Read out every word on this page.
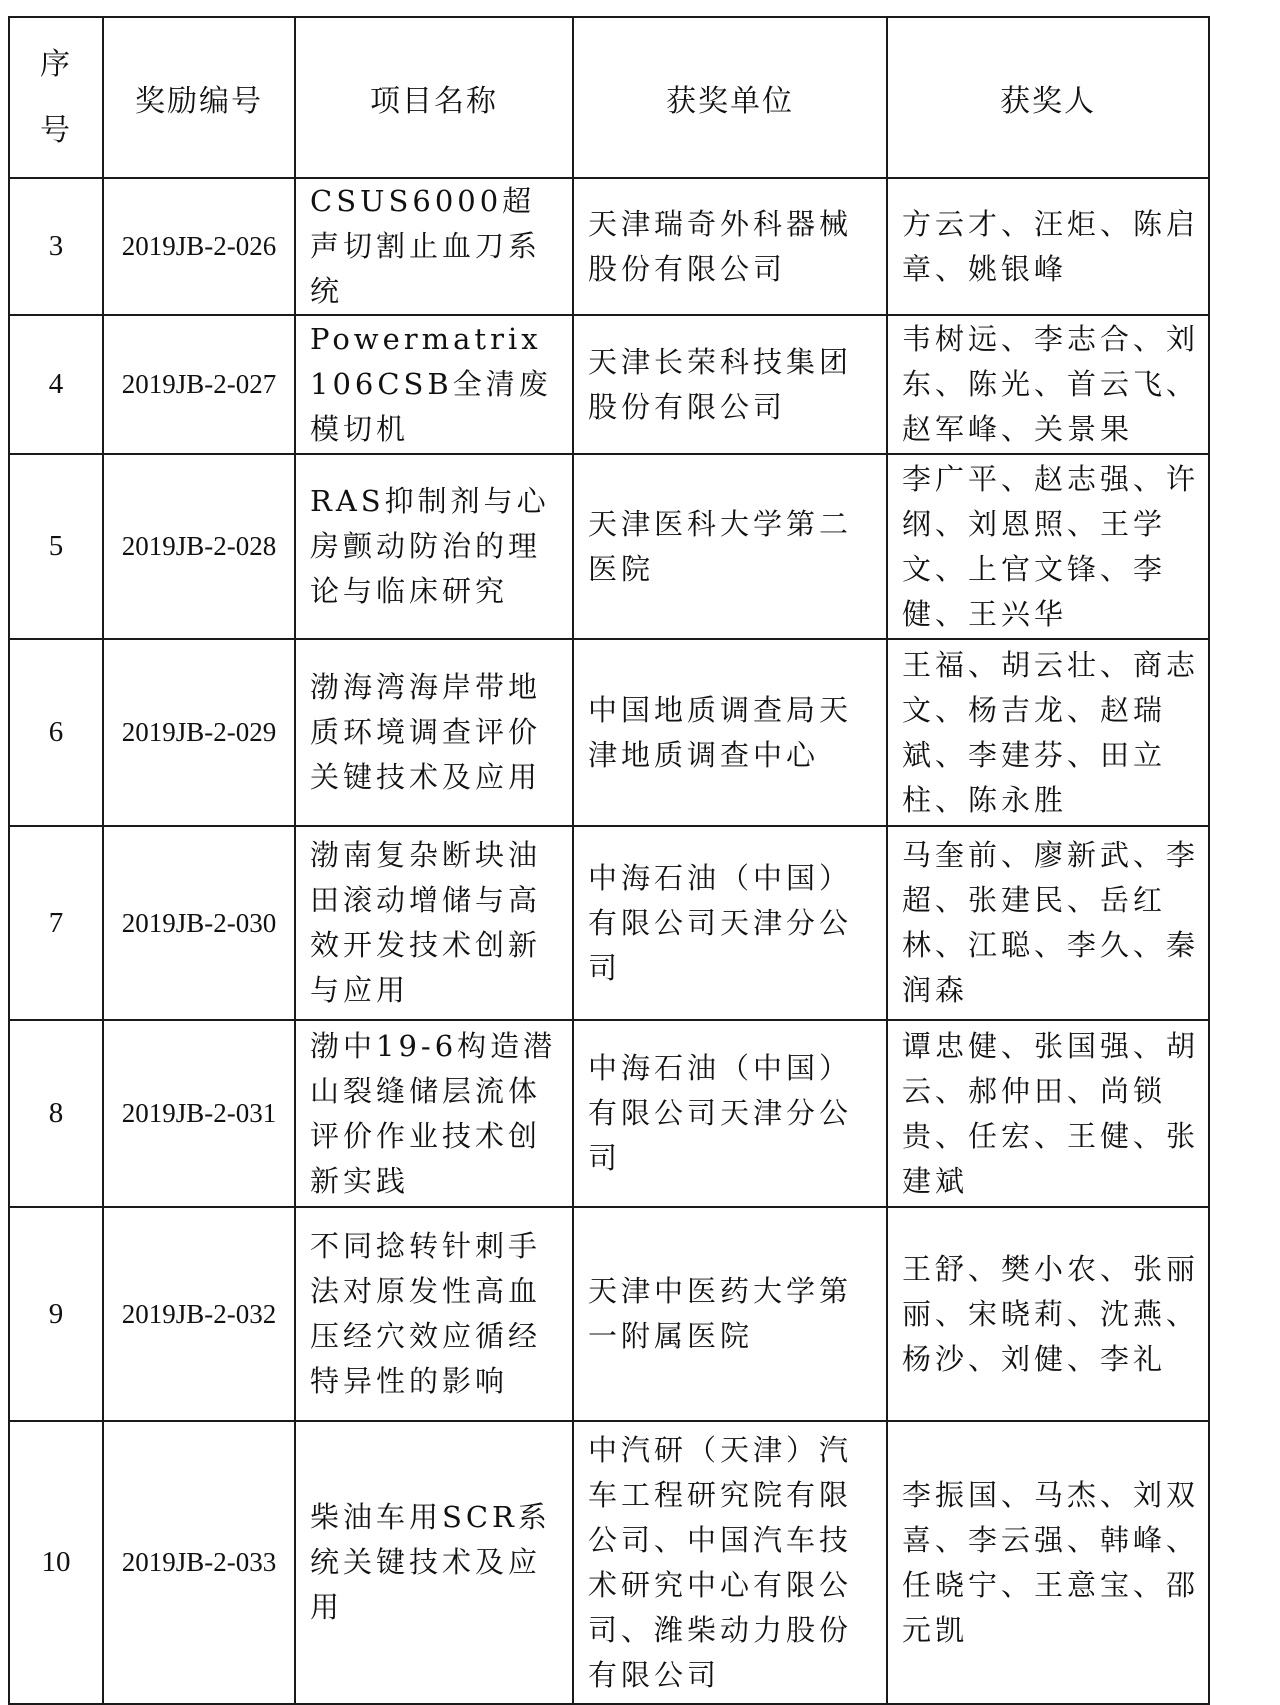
序号	奖励编号	项目名称	获奖单位	获奖人
3	2019JB-2-026	CSUS6000超声切割止血刀系统	天津瑞奇外科器械股份有限公司	方云才、汪炬、陈启章、姚银峰

4	2019JB-2-027	Powermatrix 106CSB全清废模切机	天津长荣科技集团股份有限公司	韦树远、李志合、刘东、陈光、首云飞、赵军峰、关景果

5	2019JB-2-028	RAS抑制剂与心房颤动防治的理论与临床研究	天津医科大学第二医院	李广平、赵志强、许纲、刘恩照、王学文、上官文锋、李健、王兴华

6	2019JB-2-029	渤海湾海岸带地质环境调查评价关键技术及应用	中国地质调查局天津地质调查中心	王福、胡云壮、商志文、杨吉龙、赵瑞斌、李建芬、田立柱、陈永胜

7	2019JB-2-030	渤南复杂断块油田滚动增储与高效开发技术创新与应用	中海石油（中国）有限公司天津分公司	马奎前、廖新武、李超、张建民、岳红林、江聪、李久、秦润森

8	2019JB-2-031	渤中19-6构造潜山裂缝储层流体评价作业技术创新实践	中海石油（中国）有限公司天津分公司	谭忠健、张国强、胡云、郝仲田、尚锁贵、任宏、王健、张建斌

9	2019JB-2-032	不同捻转针刺手法对原发性高血压经穴效应循经特异性的影响	天津中医药大学第一附属医院	王舒、樊小农、张丽丽、宋晓莉、沈燕、杨沙、刘健、李礼

10	2019JB-2-033	柴油车用SCR系统关键技术及应用	中汽研（天津）汽车工程研究院有限公司、中国汽车技术研究中心有限公司、潍柴动力股份有限公司	李振国、马杰、刘双喜、李云强、韩峰、任晓宁、王意宝、邵元凯
